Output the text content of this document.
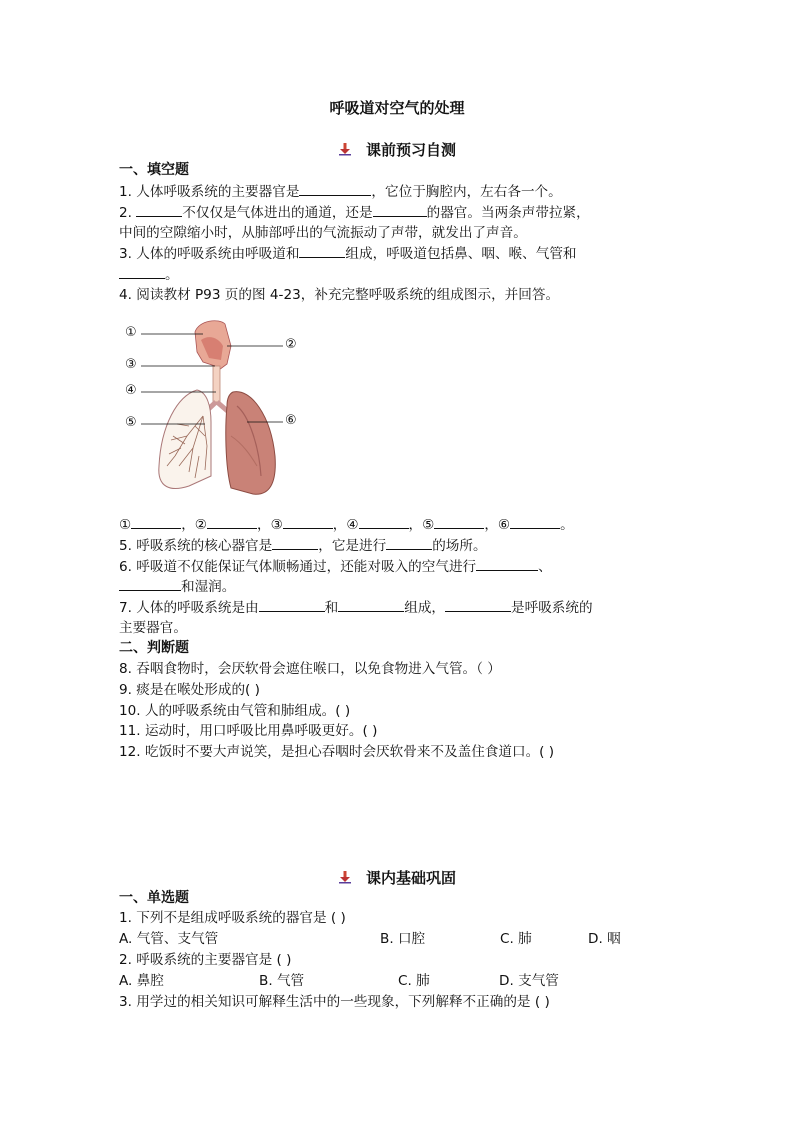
呼吸道对空气的处理
课前预习自测
一、填空题
1. 人体呼吸系统的主要器官是	，它位于胸腔内，左右各一个。
2.	不仅仅是气体进出的通道，还是	的器官。当两条声带拉紧，
中间的空隙缩小时，从肺部呼出的气流振动了声带，就发出了声音。
3. 人体的呼吸系统由呼吸道和	组成，呼吸道包括鼻、咽、喉、气管和
。
4. 阅读教材 P93 页的图 4-23，补充完整呼吸系统的组成图示，并回答。
①
②
③
④
⑤	⑥
①	，②	，③	，④	，⑤	，⑥	。
5. 呼吸系统的核心器官是	，它是进行	的场所。
6. 呼吸道不仅能保证气体顺畅通过，还能对吸入的空气进行	、
和湿润。
7. 人体的呼吸系统是由	和	组成，	是呼吸系统的
主要器官。
二、判断题
8. 吞咽食物时，会厌软骨会遮住喉口，以免食物进入气管。（ ）
9. 痰是在喉处形成的( )
10. 人的呼吸系统由气管和肺组成。( )
11. 运动时，用口呼吸比用鼻呼吸更好。( )
12. 吃饭时不要大声说笑，是担心吞咽时会厌软骨来不及盖住食道口。( )
课内基础巩固
一、单选题
1. 下列不是组成呼吸系统的器官是 ( )
A. 气管、支气管	B. 口腔	C. 肺	D. 咽
2. 呼吸系统的主要器官是 ( )
A. 鼻腔	B. 气管	C. 肺	D. 支气管
3. 用学过的相关知识可解释生活中的一些现象，下列解释不正确的是 ( )
